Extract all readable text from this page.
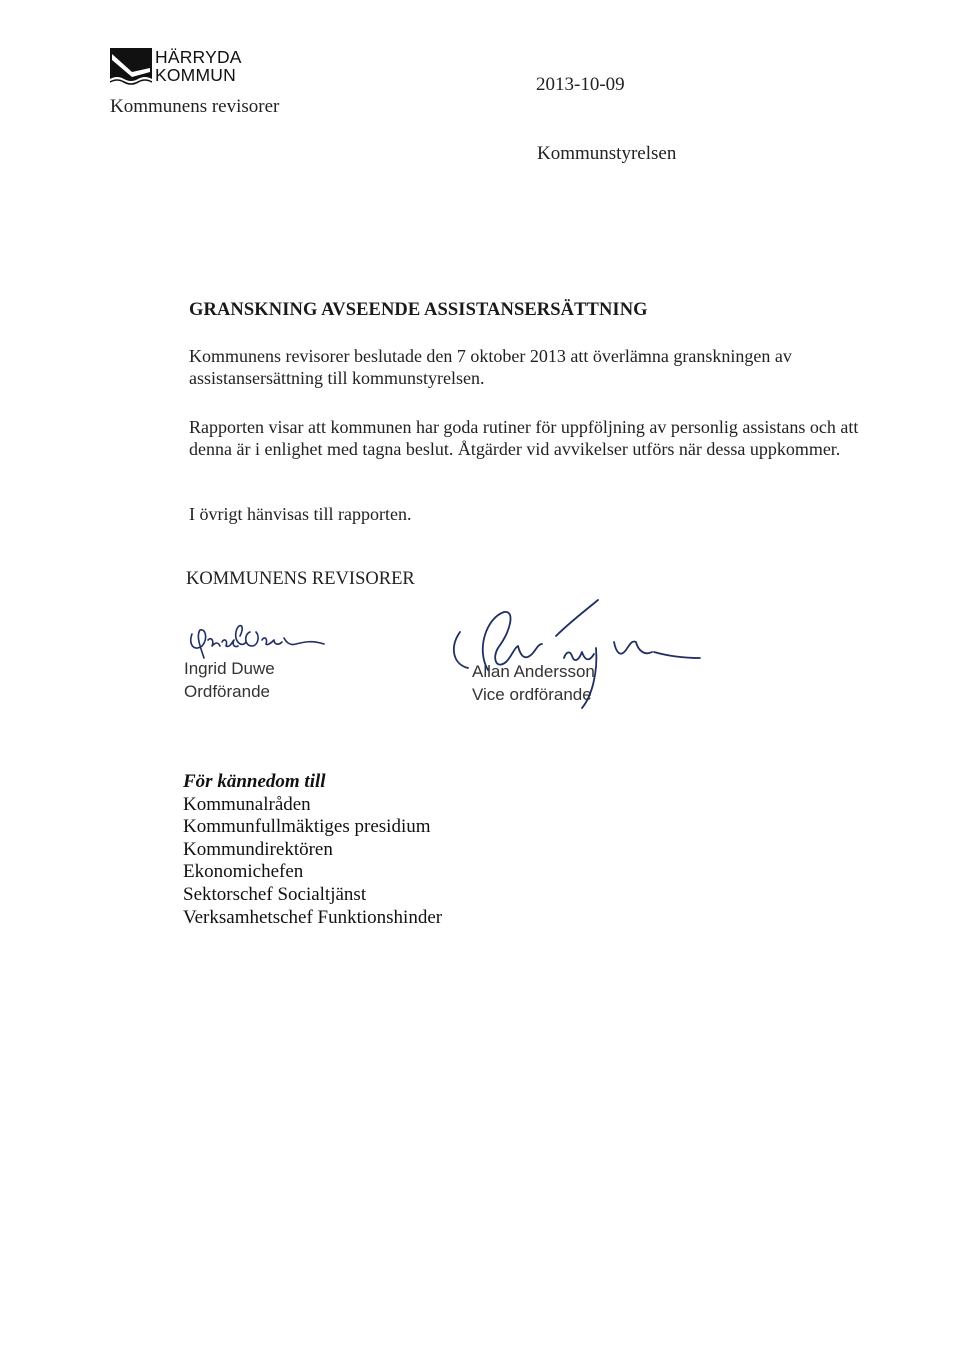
HÄRRYDA
KOMMUN
Kommunens revisorer
2013-10-09
Kommunstyrelsen
GRANSKNING AVSEENDE ASSISTANSERSÄTTNING
Kommunens revisorer beslutade den 7 oktober 2013 att överlämna granskningen av assistansersättning till kommunstyrelsen.
Rapporten visar att kommunen har goda rutiner för uppföljning av personlig assistans och att denna är i enlighet med tagna beslut. Åtgärder vid avvikelser utförs när dessa uppkommer.
I övrigt hänvisas till rapporten.
KOMMUNENS REVISORER
Ingrid Duwe
Ordförande
Allan Andersson
Vice ordförande
För kännedom till
Kommunalråden
Kommunfullmäktiges presidium
Kommundirektören
Ekonomichefen
Sektorschef Socialtjänst
Verksamhetschef Funktionshinder
